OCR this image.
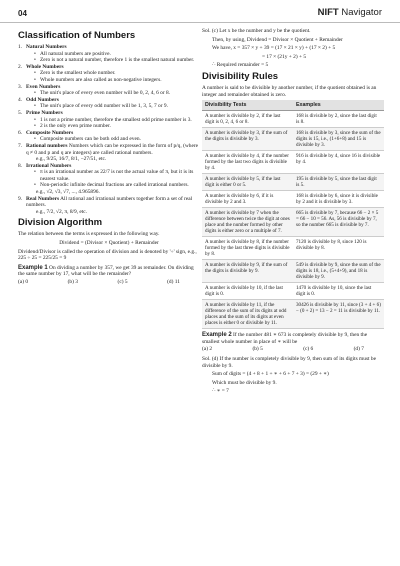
04	NIFT Navigator
Classification of Numbers
1. Natural Numbers
• All natural numbers are positive.
• Zero is not a natural number, therefore 1 is the smallest natural number.
2. Whole Numbers
• Zero is the smallest whole number.
• Whole numbers are also called as non-negative integers.
3. Even Numbers
• The unit's place of every even number will be 0, 2, 4, 6 or 8.
4. Odd Numbers
• The unit's place of every odd number will be 1, 3, 5, 7 or 9.
5. Prime Numbers
• 1 is not a prime number, therefore the smallest odd prime number is 3.
• 2 is the only even prime number.
6. Composite Numbers
• Composite numbers can be both odd and even.
7. Rational numbers Numbers which can be expressed in the form of p/q, (where q ≠ 0 and p and q are integers) are called rational numbers.
e.g., 9/25, 16/7, 8/1, −27/51, etc.
8. Irrational Numbers
• π is an irrational number as 22/7 is not the actual value of π, but it is its nearest value.
• Non-periodic infinite decimal fractions are called irrational numbers.
e.g., √2, √3, √7, ..., 4.965896.
9. Real Numbers All rational and irrational numbers together form a set of real numbers.
e.g., 7/2, √2, π, 8/9, etc.
Division Algorithm

The relation between the terms is expressed in the following way.

Dividend = (Divisor × Quotient) + Remainder

Dividend/Divisor is called the operation of division and is denoted by '÷' sign, e.g., 225 ÷ 25 = 225/25 = 9

Example 1 On dividing a number by 357, we get 39 as remainder. On dividing the same number by 17, what will be the remainder?
(a) 0	(b) 3	(c) 5	(d) 11

Sol. (c) Let x be the number and y be the quotient.

Then, by using, Dividend = Divisor × Quotient + Remainder

We have, x = 357 × y + 39 = (17 × 21 × y) + (17 × 2) + 5

= 17 × (21y + 2) + 5

∴ Required remainder = 5

Divisibility Rules

A number is said to be divisible by another number, if the quotient obtained is an integer and remainder obtained is zero.

Divisibility Tests	Examples
A number is divisible by 2, if the last digit is 0, 2, 4, 6 or 8.	168 is divisible by 2, since the last digit is 8.
A number is divisible by 3, if the sum of the digits is divisible by 3.	168 is divisible by 3, since the sum of the digits is 15, i.e., (1+6+8) and 15 is divisible by 3.
A number is divisible by 4, if the number formed by the last two digits is divisible by 4.	916 is divisible by 4, since 16 is divisible by 4.
A number is divisible by 5, if the last digit is either 0 or 5.	195 is divisible by 5, since the last digit is 5.
A number is divisible by 6, if it is divisible by 2 and 3.	168 is divisible by 6, since it is divisible by 2 and it is divisible by 3.
A number is divisible by 7 when the difference between twice the digit at ones place and the number formed by other digits is either zero or a multiple of 7.	665 is divisible by 7, because 66 − 2 × 5 = 66 − 10 = 56. As, 56 is divisible by 7, so the number 665 is divisible by 7.
A number is divisible by 8, if the number formed by the last three digits is divisible by 8.	7120 is divisible by 8, since 120 is divisible by 8.
A number is divisible by 9, if the sum of the digits is divisible by 9.	549 is divisible by 9, since the sum of the digits is 18, i.e., (5+4+9), and 18 is divisible by 9.
A number is divisible by 10, if the last digit is 0.	1470 is divisible by 10, since the last digit is 0.
A number is divisible by 11, if the difference of the sum of its digits at odd places and the sum of its digits at even places is either 0 or divisible by 11.	30426 is divisible by 11, since (3 + 4 + 6) − (0 + 2) = 13 − 2 = 11 is divisible by 11.
Example 2 If the number 481 ∗ 673 is completely divisible by 9, then the smallest whole number in place of ∗ will be
(a) 2	(b) 5	(c) 6	(d) 7

Sol. (d) If the number is completely divisible by 9, then sum of its digits must be divisible by 9.

Sum of digits = (4 + 8 + 1 + ∗ + 6 + 7 + 3) = (29 + ∗)

Which must be divisible by 9.

∴ ∗ = 7
